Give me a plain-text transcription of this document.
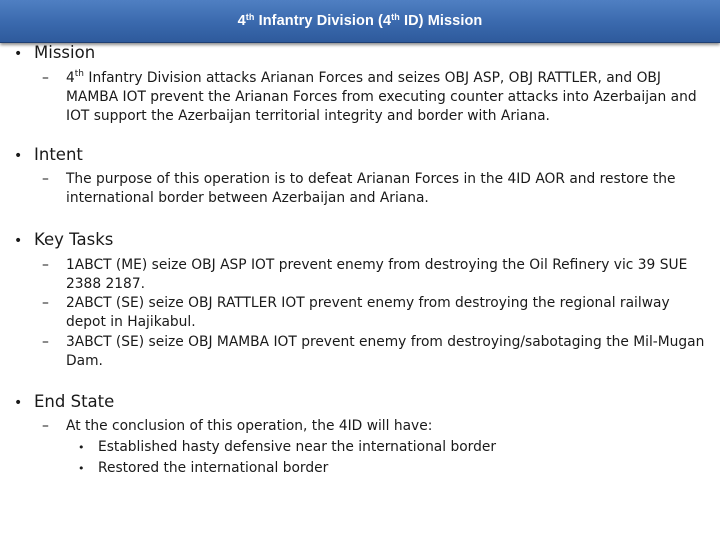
4th Infantry Division (4th ID) Mission
• Mission
–	4th Infantry Division attacks Arianan Forces and seizes OBJ ASP, OBJ RATTLER, and OBJ MAMBA IOT prevent the Arianan Forces from executing counter attacks into Azerbaijan and IOT support the Azerbaijan territorial integrity and border with Ariana.
• Intent
–	The purpose of this operation is to defeat Arianan Forces in the 4ID AOR and restore the international border between Azerbaijan and Ariana.
• Key Tasks
–	1ABCT (ME) seize OBJ ASP IOT prevent enemy from destroying the Oil Refinery vic 39 SUE 2388 2187.
–	2ABCT (SE) seize OBJ RATTLER IOT prevent enemy from destroying the regional railway depot in Hajikabul.
–	3ABCT (SE) seize OBJ MAMBA IOT prevent enemy from destroying/sabotaging the Mil-Mugan Dam.
• End State
–	At the conclusion of this operation, the 4ID will have:
• Established hasty defensive near the international border
• Restored the international border
